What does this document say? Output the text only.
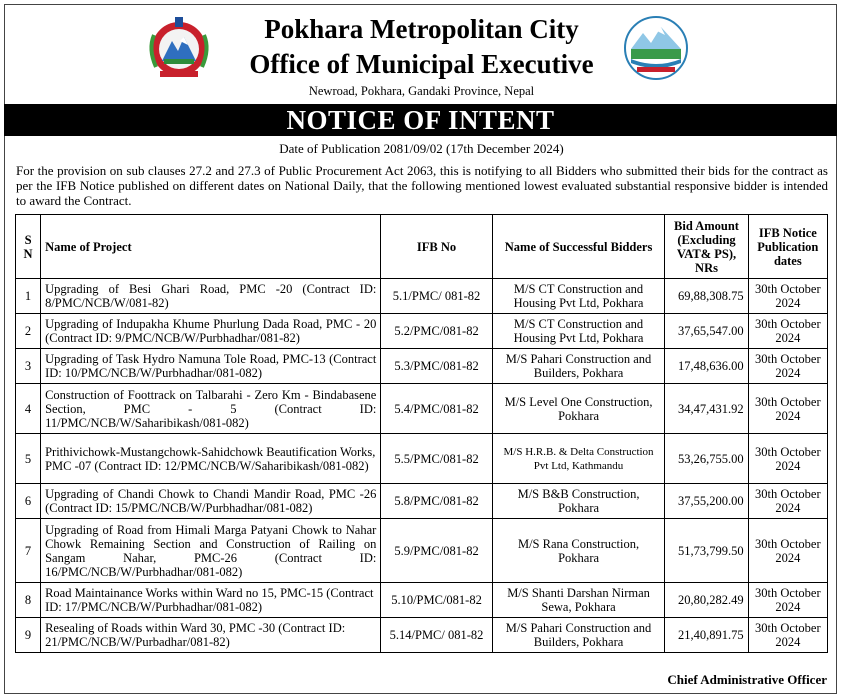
Pokhara Metropolitan City
Office of Municipal Executive
Newroad, Pokhara, Gandaki Province, Nepal
NOTICE OF INTENT
Date of Publication 2081/09/02 (17th December 2024)
For the provision on sub clauses 27.2 and 27.3 of Public Procurement Act 2063, this is notifying to all Bidders who submitted their bids for the contract as per the IFB Notice published on different dates on National Daily, that the following mentioned lowest evaluated substantial responsive bidder is intended to award the Contract.
S N	Name of Project	IFB No	Name of Successful Bidders	Bid Amount (Excluding VAT& PS), NRs	IFB Notice Publication dates
1	Upgrading of Besi Ghari Road, PMC -20 (Contract ID: 8/PMC/NCB/W/081-82)	5.1/PMC/ 081-82	M/S CT Construction and Housing Pvt Ltd, Pokhara	69,88,308.75	30th October 2024
2	Upgrading of Indupakha Khume Phurlung Dada Road, PMC - 20 (Contract ID: 9/PMC/NCB/W/Purbhadhar/081-82)	5.2/PMC/081-82	M/S CT Construction and Housing Pvt Ltd, Pokhara	37,65,547.00	30th October 2024
3	Upgrading of Task Hydro Namuna Tole Road, PMC-13 (Contract ID: 10/PMC/NCB/W/Purbhadhar/081-082)	5.3/PMC/081-82	M/S Pahari Construction and Builders, Pokhara	17,48,636.00	30th October 2024
4	Construction of Foottrack on Talbarahi - Zero Km - Bindabasene Section, PMC - 5 (Contract ID: 11/PMC/NCB/W/Saharibikash/081-082)	5.4/PMC/081-82	M/S Level One Construction, Pokhara	34,47,431.92	30th October 2024
5	Prithivichowk-Mustangchowk-Sahidchowk Beautification Works, PMC -07 (Contract ID: 12/PMC/NCB/W/Saharibikash/081-082)	5.5/PMC/081-82	M/S H.R.B. & Delta Construction Pvt Ltd, Kathmandu	53,26,755.00	30th October 2024
6	Upgrading of Chandi Chowk to Chandi Mandir Road, PMC -26 (Contract ID: 15/PMC/NCB/W/Purbhadhar/081-082)	5.8/PMC/081-82	M/S B&B Construction, Pokhara	37,55,200.00	30th October 2024
7	Upgrading of Road from Himali Marga Patyani Chowk to Nahar Chowk Remaining Section and Construction of Railing on Sangam Nahar, PMC-26 (Contract ID: 16/PMC/NCB/W/Purbhadhar/081-082)	5.9/PMC/081-82	M/S Rana Construction, Pokhara	51,73,799.50	30th October 2024
8	Road Maintainance Works within Ward no 15, PMC-15 (Contract ID: 17/PMC/NCB/W/Purbhadhar/081-082)	5.10/PMC/081-82	M/S Shanti Darshan Nirman Sewa, Pokhara	20,80,282.49	30th October 2024
9	Resealing of Roads within Ward 30, PMC -30 (Contract ID: 21/PMC/NCB/W/Purbadhar/081-82)	5.14/PMC/ 081-82	M/S Pahari Construction and Builders, Pokhara	21,40,891.75	30th October 2024
Chief Administrative Officer
